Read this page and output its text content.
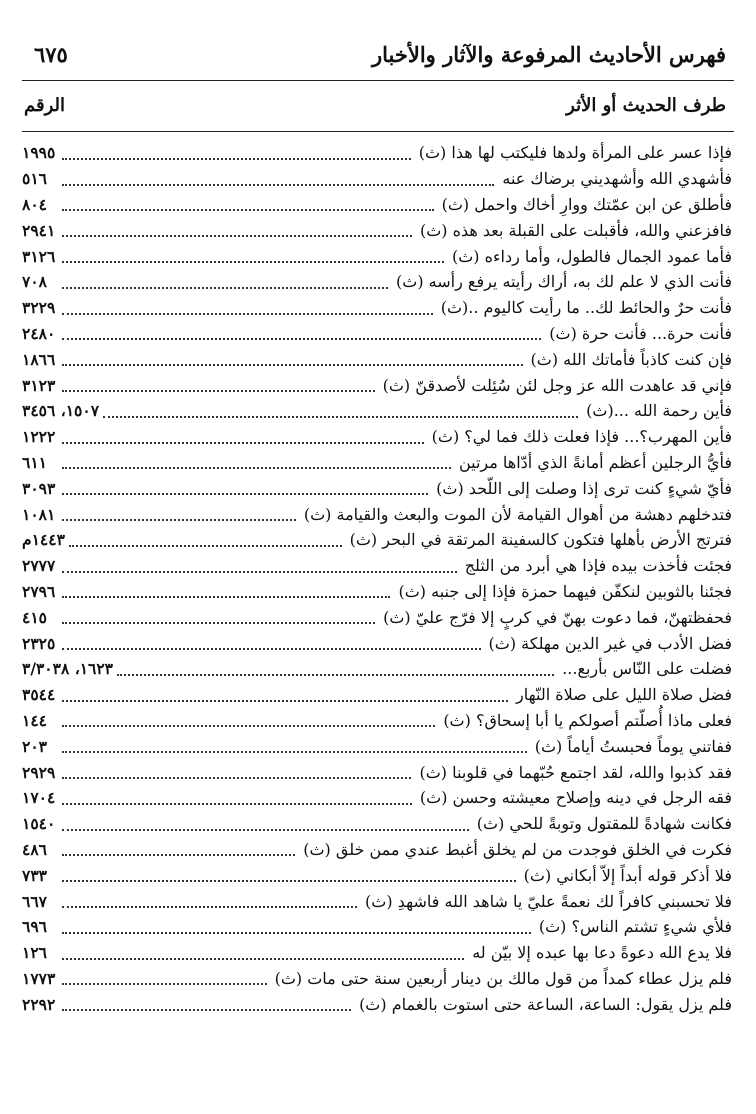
فهرس الأحاديث المرفوعة والآثار والأخبار
٦٧٥
طرف الحديث أو الأثر
الرقم
فإذا عسر على المرأة ولدها فليكتب لها هذا (ث)
١٩٩٥
فأشهدي الله وأشهديني برضاك عنه
٥١٦
فأطلق عن ابن عمّتك ووارِ أخاك واحمل (ث)
٨٠٤
فافزعني والله، فأقبلت على القبلة بعد هذه (ث)
٢٩٤١
فأما عمود الجمال فالطول، وأما رداءه (ث)
٣١٢٦
فأنت الذي لا علم لك به، أراك رأيته يرفع رأسه (ث)
٧٠٨
فأنت حرٌ والحائط لك.. ما رأيت كاليوم ..(ث)
٣٢٢٩
فأنت حرة... فأنت حرة (ث)
٢٤٨٠
فإن كنت كاذباً فأماتك الله (ث)
١٨٦٦
فإني قد عاهدت الله عز وجل لئن سُئِلت لأصدقنّ (ث)
٣١٢٣
فأين رحمة الله ...(ث)
١٥٠٧، ٣٤٥٦
فأين المهرب؟... فإذا فعلت ذلك فما لي؟ (ث)
١٢٢٢
فأيُّ الرجلين أعظم أمانةً الذي أدّاها مرتين
٦١١
فأيّ شيءٍ كنت ترى إذا وصلت إلى اللّحد (ث)
٣٠٩٣
فتدخلهم دهشة من أهوال القيامة لأن الموت والبعث والقيامة (ث)
١٠٨١
فترتج الأرض بأهلها فتكون كالسفينة المرتقة في البحر (ث)
١٤٤٣م
فجئت فأخذت بيده فإذا هي أبرد من الثلج
٢٧٧٧
فجئنا بالثوبين لنكفّن فيهما حمزة فإذا إلى جنبه (ث)
٢٧٩٦
فحفظتهنّ، فما دعوت بهنّ في كربٍ إلا فرّج عليّ (ث)
٤١٥
فضل الأدب في غير الدين مهلكة (ث)
٢٣٢٥
فضلت على النّاس بأربع...
١٦٢٣، ٣/٣٠٣٨
فضل صلاة الليل على صلاة النّهار
٣٥٤٤
فعلى ماذا أُصلّتم أصولكم يا أبا إسحاق؟ (ث)
١٤٤
ففاتني يوماً فحبستُ أياماً (ث)
٢٠٣
فقد كذبوا والله، لقد اجتمع حُبّهما في قلوبنا (ث)
٢٩٢٩
فقه الرجل في دينه وإصلاح معيشته وحسن (ث)
١٧٠٤
فكانت شهادةً للمقتول وتوبةً للحي (ث)
١٥٤٠
فكرت في الخلق فوجدت من لم يخلق أغبط عندي ممن خلق (ث)
٤٨٦
فلا أذكر قوله أبداً إلاّ أبكاني (ث)
٧٣٣
فلا تحسبني كافراً لك نعمةً عليّ يا شاهد الله فاشهدِ (ث)
٦٦٧
فلأي شيءٍ تشتم الناس؟ (ث)
٦٩٦
فلا يدع الله دعوةً دعا بها عبده إلا بيّن له
١٢٦
فلم يزل عطاء كمداً من قول مالك بن دينار أربعين سنة حتى مات (ث)
١٧٧٣
فلم يزل يقول: الساعة، الساعة حتى استوت بالغمام (ث)
٢٢٩٢
